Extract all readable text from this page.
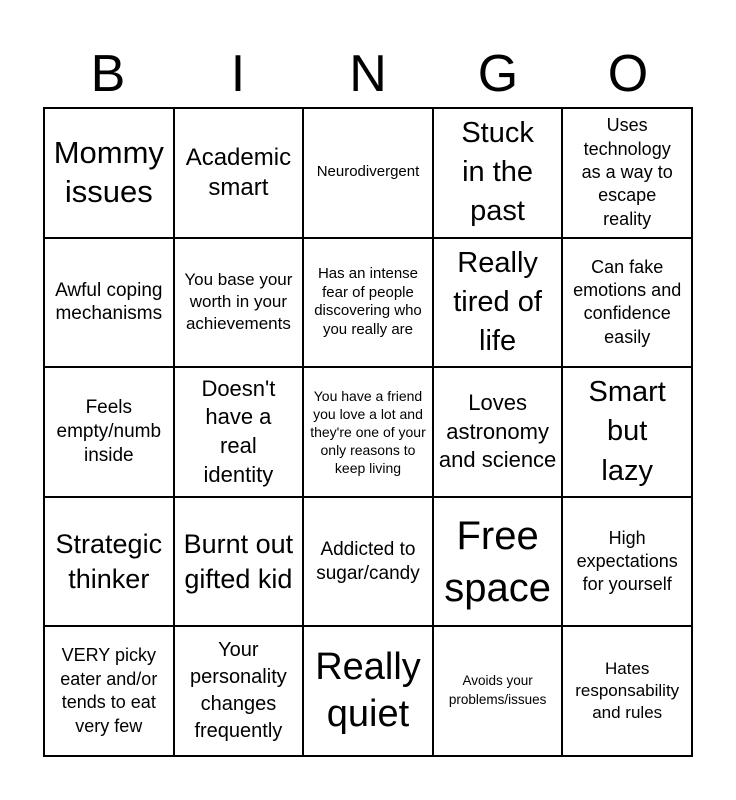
B	I	N	G	O
Mommy issues
Academic smart
Neurodivergent
Stuck in the past
Uses technology as a way to escape reality
Awful coping mechanisms
You base your worth in your achievements
Has an intense fear of people discovering who you really are
Really tired of life
Can fake emotions and confidence easily
Feels empty/numb inside
Doesn't have a real identity
You have a friend you love a lot and they're one of your only reasons to keep living
Loves astronomy and science
Smart but lazy
Strategic thinker
Burnt out gifted kid
Addicted to sugar/candy
Free space
High expectations for yourself
VERY picky eater and/or tends to eat very few
Your personality changes frequently
Really quiet
Avoids your problems/issues
Hates responsability and rules
